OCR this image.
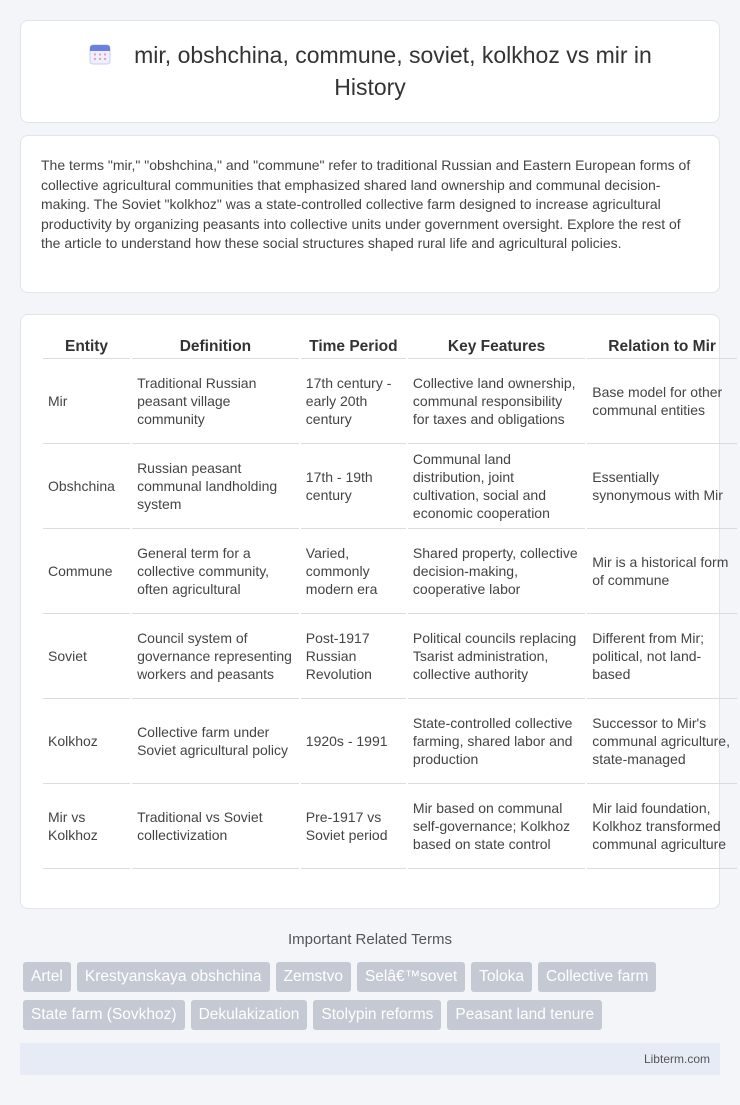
mir, obshchina, commune, soviet, kolkhoz vs mir in History

The terms "mir," "obshchina," and "commune" refer to traditional Russian and Eastern European forms of collective agricultural communities that emphasized shared land ownership and communal decision-making. The Soviet "kolkhoz" was a state-controlled collective farm designed to increase agricultural productivity by organizing peasants into collective units under government oversight. Explore the rest of the article to understand how these social structures shaped rural life and agricultural policies.

Entity	Definition	Time Period	Key Features	Relation to Mir
Mir	Traditional Russian peasant village community	17th century - early 20th century	Collective land ownership, communal responsibility for taxes and obligations	Base model for other communal entities
Obshchina	Russian peasant communal landholding system	17th - 19th century	Communal land distribution, joint cultivation, social and economic cooperation	Essentially synonymous with Mir
Commune	General term for a collective community, often agricultural	Varied, commonly modern era	Shared property, collective decision-making, cooperative labor	Mir is a historical form of commune
Soviet	Council system of governance representing workers and peasants	Post-1917 Russian Revolution	Political councils replacing Tsarist administration, collective authority	Different from Mir; political, not land-based
Kolkhoz	Collective farm under Soviet agricultural policy	1920s - 1991	State-controlled collective farming, shared labor and production	Successor to Mir's communal agriculture, state-managed
Mir vs Kolkhoz	Traditional vs Soviet collectivization	Pre-1917 vs Soviet period	Mir based on communal self-governance; Kolkhoz based on state control	Mir laid foundation, Kolkhoz transformed communal agriculture
Important Related Terms
Artel	Krestyanskaya obshchina	Zemstvo	Selâ€™sovet	Toloka	Collective farm
State farm (Sovkhoz)	Dekulakization	Stolypin reforms	Peasant land tenure
Libterm.com
